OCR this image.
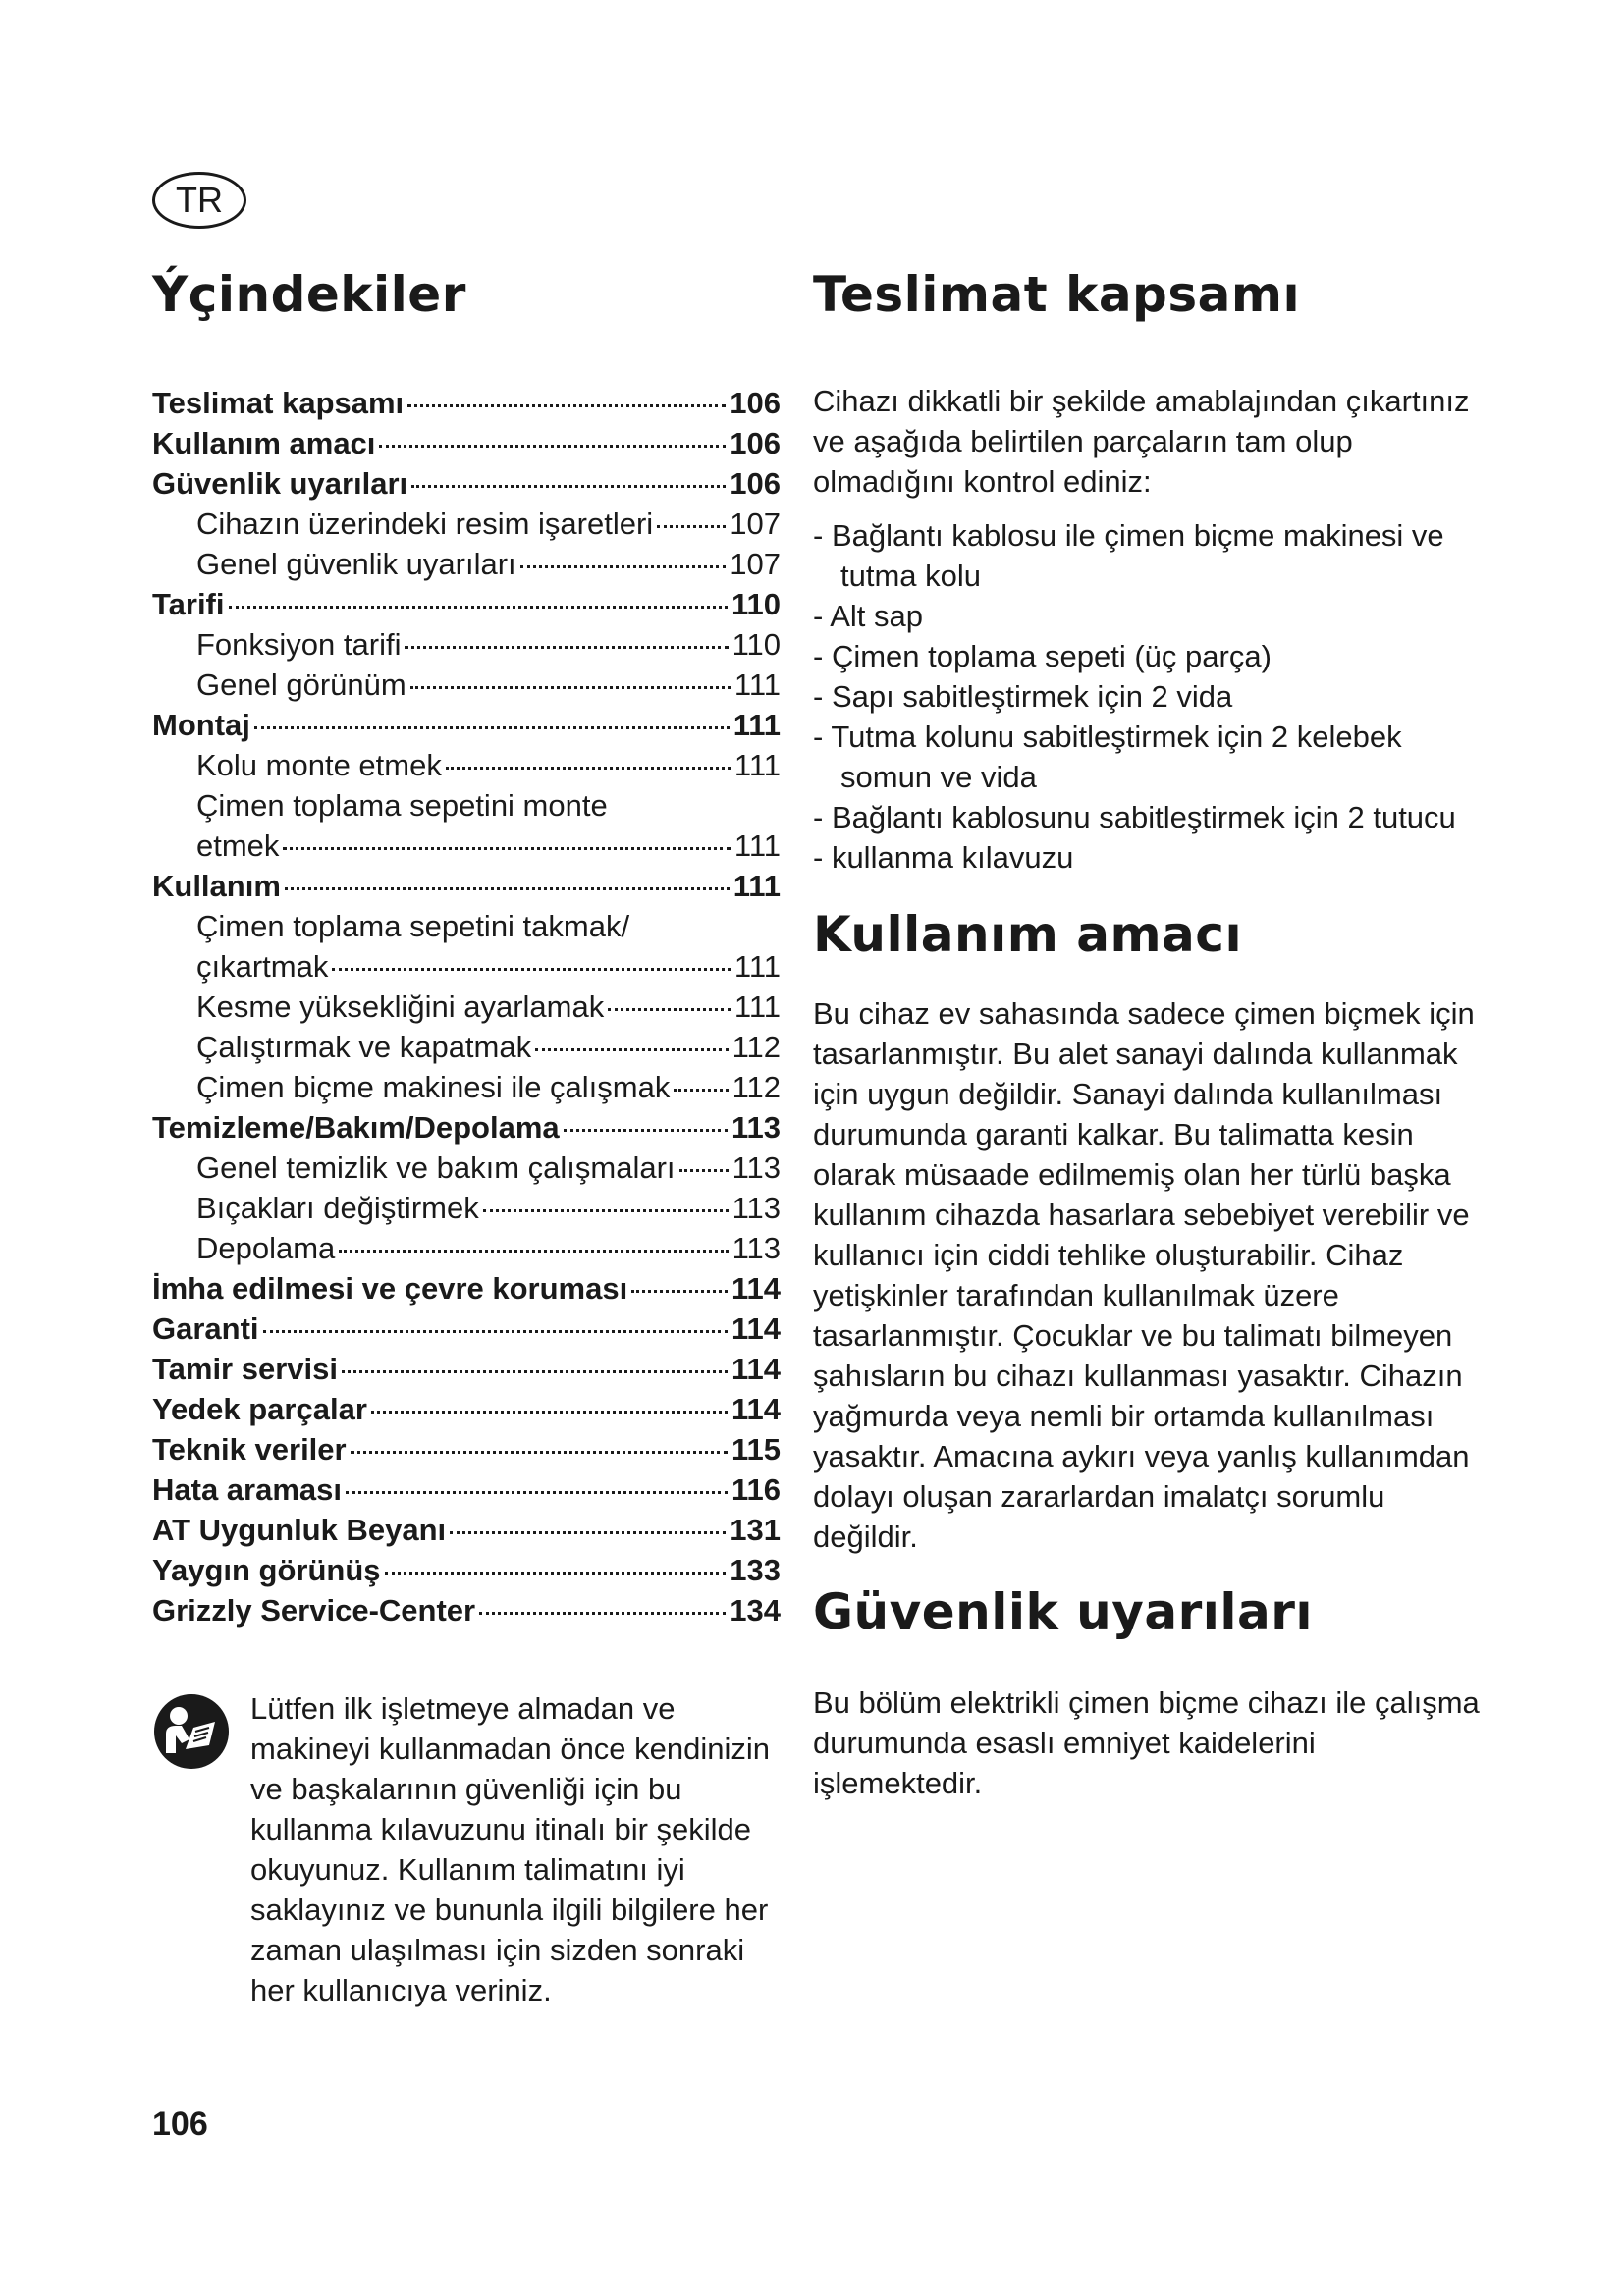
TR
Ýçindekiler
Teslimat kapsamı	106
Kullanım amacı	106
Güvenlik uyarıları	106
Cihazın üzerindeki resim işaretleri	107
Genel güvenlik uyarıları	107
Tarifi	110
Fonksiyon tarifi	110
Genel görünüm	111
Montaj	111
Kolu monte etmek	111
Çimen toplama sepetini monte
etmek	111
Kullanım	111
Çimen toplama sepetini takmak/
çıkartmak	111
Kesme yüksekliğini ayarlamak	111
Çalıştırmak ve kapatmak	112
Çimen biçme makinesi ile çalışmak 112
Temizleme/Bakım/Depolama	113
Genel temizlik ve bakım çalışmaları 113
Bıçakları değiştirmek	113
Depolama	113
İmha edilmesi ve çevre koruması	114
Garanti	114
Tamir servisi	114
Yedek parçalar	114
Teknik veriler	115
Hata araması	116
AT Uygunluk Beyanı	131
Yaygın görünüş	133
Grizzly Service-Center	134
Lütfen ilk işletmeye almadan ve makineyi kullanmadan önce kendinizin ve başkalarının güvenliği için bu kullanma kılavuzunu itinalı bir şekilde okuyunuz. Kullanım talimatını iyi saklayınız ve bununla ilgili bilgilere her zaman ulaşılması için sizden sonraki her kullanıcıya veriniz.
Teslimat kapsamı

Cihazı dikkatli bir şekilde amablajından çıkartınız ve aşağıda belirtilen parçaların tam olup olmadığını kontrol ediniz:

- Bağlantı kablosu ile çimen biçme makinesi ve tutma kolu
- Alt sap
- Çimen toplama sepeti (üç parça)
- Sapı sabitleştirmek için 2 vida
- Tutma kolunu sabitleştirmek için 2 kelebek somun ve vida
- Bağlantı kablosunu sabitleştirmek için 2 tutucu
- kullanma kılavuzu
Kullanım amacı

Bu cihaz ev sahasında sadece çimen biçmek için tasarlanmıştır. Bu alet sanayi dalında kullanmak için uygun değildir. Sanayi dalında kullanılması durumunda garanti kalkar. Bu talimatta kesin olarak müsaade edilmemiş olan her türlü başka kullanım cihazda hasarlara sebebiyet verebilir ve kullanıcı için ciddi tehlike oluşturabilir. Cihaz yetişkinler tarafından kullanılmak üzere tasarlanmıştır. Çocuklar ve bu talimatı bilmeyen şahısların bu cihazı kullanması yasaktır. Cihazın yağmurda veya nemli bir ortamda kullanılması yasaktır. Amacına aykırı veya yanlış kullanımdan dolayı oluşan zararlardan imalatçı sorumlu değildir.

Güvenlik uyarıları

Bu bölüm elektrikli çimen biçme cihazı ile çalışma durumunda esaslı emniyet kaidelerini işlemektedir.

106
